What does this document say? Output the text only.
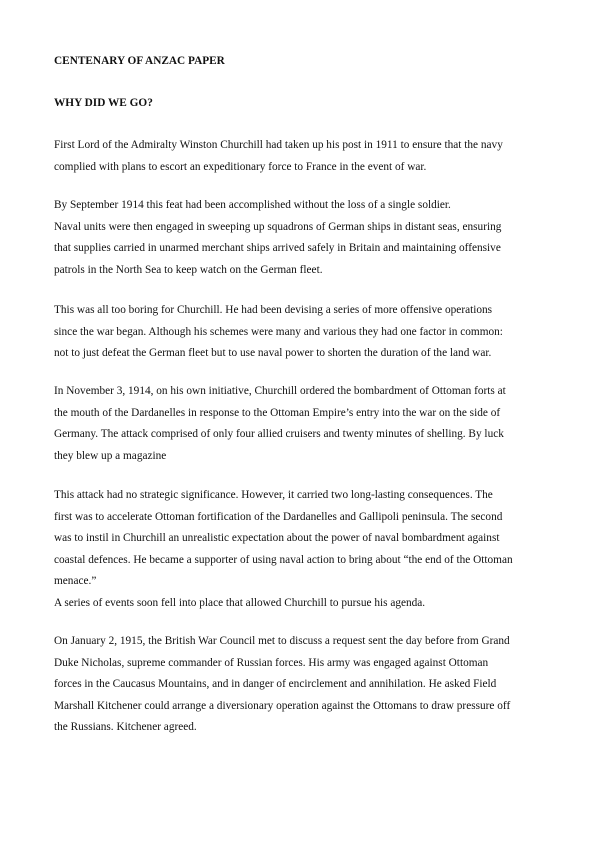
CENTENARY OF ANZAC PAPER
WHY DID WE GO?
First Lord of the Admiralty Winston Churchill had taken up his post in 1911 to ensure that the navy
complied with plans to escort an expeditionary force to France in the event of war.
By September 1914 this feat had been accomplished without the loss of a single soldier.
Naval units were then engaged in sweeping up squadrons of German ships in distant seas, ensuring
that supplies carried in unarmed merchant ships arrived safely in Britain and maintaining offensive
patrols in the North Sea to keep watch on the German fleet.
This was all too boring for Churchill. He had been devising a series of more offensive operations
since the war began. Although his schemes were many and various they had one factor in common:
not to just defeat the German fleet but to use naval power to shorten the duration of the land war.
In November 3, 1914, on his own initiative, Churchill ordered the bombardment of Ottoman forts at
the mouth of the Dardanelles in response to the Ottoman Empire’s entry into the war on the side of
Germany. The attack comprised of only four allied cruisers and twenty minutes of shelling. By luck
they blew up a magazine
This attack had no strategic significance. However, it carried two long-lasting consequences. The
first was to accelerate Ottoman fortification of the Dardanelles and Gallipoli peninsula. The second
was to instil in Churchill an unrealistic expectation about the power of naval bombardment against
coastal defences. He became a supporter of using naval action to bring about “the end of the Ottoman
menace.”
A series of events soon fell into place that allowed Churchill to pursue his agenda.
On January 2, 1915, the British War Council met to discuss a request sent the day before from Grand
Duke Nicholas, supreme commander of Russian forces. His army was engaged against Ottoman
forces in the Caucasus Mountains, and in danger of encirclement and annihilation. He asked Field
Marshall Kitchener could arrange a diversionary operation against the Ottomans to draw pressure off
the Russians. Kitchener agreed.
